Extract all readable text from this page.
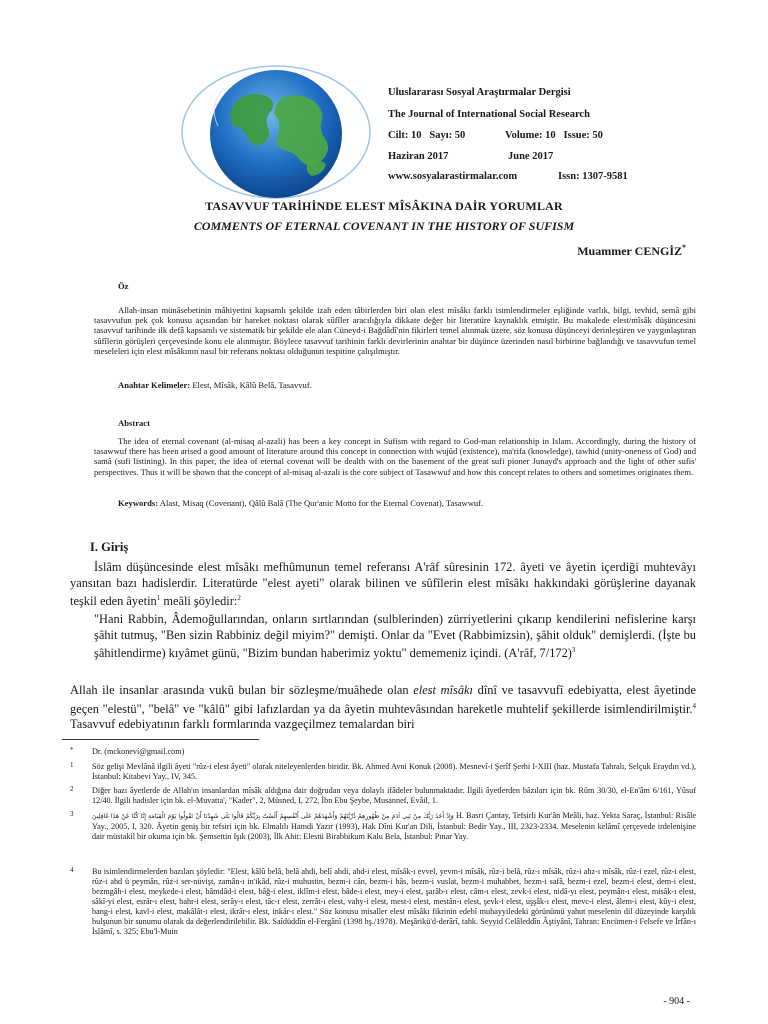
Uluslararası Sosyal Araştırmalar Dergisi
The Journal of International Social Research
Cilt: 10 Sayı: 50	Volume: 10 Issue: 50
Haziran 2017	June 2017
www.sosyalarastirmalar.com	Issn: 1307-9581
TASAVVUF TARİHİNDE ELEST MÎSÂKINA DAİR YORUMLAR
COMMENTS OF ETERNAL COVENANT IN THE HISTORY OF SUFISM
Muammer CENGİZ*
Öz
Allah-insan münâsebetinin mâhiyetini kapsamlı şekilde izah eden tâbirlerden biri olan elest mîsâkı farklı isimlendirmeler eşliğinde varlık, bilgi, tevhid, semâ gibi tasavvufun pek çok konusu açısından bir hareket noktası olarak sûfîler aracılığıyla dikkate değer bir literatüre kaynaklık etmiştir. Bu makalede elest/mîsâk düşüncesini tasavvuf tarihinde ilk defâ kapsamlı ve sistematik bir şekilde ele alan Cüneyd-i Bağdâdî'nin fikirleri temel alınmak üzere, söz konusu düşünceyi derinleştiren ve yaygınlaştıran sûfîlerin görüşleri çerçevesinde konu ele alınmıştır. Böylece tasavvuf tarihinin farklı devirlerinin anahtar bir düşünce üzerinden nasıl birbirine bağlandığı ve tasavvufun temel meseleleri için elest mîsâkının nasıl bir referans noktası olduğunun tespitine çalışılmıştır.
Anahtar Kelimeler: Elest, Mîsâk, Kâlû Belâ, Tasavvuf.
Abstract
The idea of eternal covenant (al-misaq al-azali) has been a key concept in Sufism with regard to God-man relationship in Islam. Accordingly, during the history of tasawwuf there has been arised a good amount of literature around this concept in connection with wujûd (existence), ma'rifa (knowledge), tawhid (unity-oneness of God) and samâ (sufi listining). In this paper, the idea of eternal covenat will be dealth with on the basement of the great sufi pioner Junayd's approach and the light of other sufis' perspectives. Thus it will be shown that the concept of al-misaq al-azali is the core subject of Tasawwuf and how this concept relates to others and sometimes originates them.
Keywords: Alast, Misaq (Covenant), Qâlû Balâ (The Qur'anic Motto for the Eternal Covenat), Tasawwuf.
I. Giriş
İslâm düşüncesinde elest mîsâkı mefhûmunun temel referansı A'râf sûresinin 172. âyeti ve âyetin içerdiği muhtevâyı yansıtan bazı hadislerdir. Literatürde "elest ayeti" olarak bilinen ve sûfîlerin elest mîsâkı hakkındaki görüşlerine dayanak teşkil eden âyetin$^1$ meâli şöyledir:$^2$
"Hani Rabbin, Âdemoğullarından, onların sırtlarından (sulblerinden) zürriyetlerini çıkarıp kendilerini nefislerine karşı şâhit tutmuş, "Ben sizin Rabbiniz değil miyim?" demişti. Onlar da "Evet (Rabbimizsin), şâhit olduk" demişlerdi. (İşte bu şâhitlendirme) kıyâmet günü, "Bizim bundan haberimiz yoktu" dememeniz içindi. (A'râf, 7/172)$^3$
Allah ile insanlar arasında vukû bulan bir sözleşme/muâhede olan elest mîsâkı dînî ve tasavvufî edebiyatta, elest âyetinde geçen "elestü", "belâ" ve "kâlû" gibi lafızlardan ya da âyetin muhtevâsından hareketle muhtelif şekillerde isimlendirilmiştir.$^4$ Tasavvuf edebiyatının farklı formlarında vazgeçilmez temalardan biri
* Dr. (mckoneví@gmail.com)
1 Söz gelişi Mevlânâ ilgili âyeti "rûz-i elest âyeti" olarak niteleyenlerden biridir. Bk. Ahmed Avni Konuk (2008). Mesnevî-i Şerîf Şerhi I-XIII (haz. Mustafa Tahralı, Selçuk Eraydın vd.), İstanbul: Kitabevi Yay., IV, 345.
2 Diğer bazı âyetlerde de Allah'ın insanlardan mîsâk aldığına dair doğrudan veya dolaylı ifâdeler bulunmaktadır. İlgili âyetlerden bâzıları için bk. Rûm 30/30, el-En'âm 6/161, Yûsuf 12/40. İlgili hadisler için bk. el-Muvatta', "Kader", 2, Müsned, I, 272, İbn Ebu Şeybe, Musannef, Evâil, 1.
3	وَإِذْ أَخَذَ رَبُّكَ مِنْ بَنِي آدَمَ مِنْ ظُهُورِهِمْ ذُرِّيَّتَهُمْ وَأَشْهَدَهُمْ عَلَى أَنْفُسِهِمْ أَلَسْتُ بِرَبِّكُمْ قَالُوا بَلَى شَهِدْنَا أَنْ تَقُولُوا يَوْمَ الْقِيَامَةِ إِنَّا كُنَّا عَنْ هَذَا غَافِلِينَ H. Basri Çantay, Tefsirli Kur'ân Meâli, haz. Yekta Saraç, İstanbul: Risâle Yay., 2005, I, 320. Âyetin geniş bir tefsiri için bk. Elmalılı Hamdi Yazır (1993), Hak Dîni Kur'an Dili, İstanbul: Bedir Yay., III, 2323-2334. Meselenin kelâmî çerçevede irdelenişine dair müstakil bir okuma için bk. Şemsettin Işık (2003), İlk Ahit: Elestü Birabbikum Kalu Bela, İstanbul: Pınar Yay.
4 Bu isimlendirmelerden bazıları şöyledir: "Elest, kâlû belâ, belâ ahdi, belî ahdi, ahd-i elest, mîsâk-ı evvel, yevm-i mîsâk, rûz-i belâ, rûz-ı mîsâk, rûz-i ahz-ı mîsâk, rûz-i ezel, rûz-i elest, rûz-i ahd ü peymân, rûz-i ser-nüvişt, zamân-ı in'ikâd, rûz-i muhustin, bezm-i cân, bezm-i hâs, bezm-i vuslat, bezm-i muhabbet, bezm-i safâ, bezm-i ezel, bezm-i elest, dem-i elest, bezmgâh-i elest, meykede-i elest, bâmdâd-i elest, bâğ-i elest, iklîm-i elest, bâde-i elest, mey-i elest, şarâb-ı elest, câm-ı elest, zevk-i elest, nidâ-yı elest, peymân-ı elest, misâk-ı elest, sâkî-yi elest, esrâr-ı elest, bahr-i elest, serây-ı elest, tâc-ı elest, zerrât-ı elest, vahy-i elest, mest-i elest, mestân-ı elest, şevk-i elest, uşşâk-ı elest, mevc-i elest, âlem-i elest, kûy-i elest, bang-i elest, kavl-i elest, makâlât-ı elest, ikrâr-ı elest, inkâr-ı elest." Söz konusu misaller elest mîsâkı fikrinin edebî muhayyiledeki görünümü yahut meselenin dil düzeyinde karşılık bulşunun bir sunumu olarak da değerlendirilebilir. Bk. Saîdüddîn el-Fergânî (1398 hş./1978). Meşârikü'd-derârî, tahk. Seyyid Celâleddîn Âştiyânî, Tahran: Encümen-i Felsefe ve İrfân-ı İslâmî, s. 325; Ebu'l-Muin
- 904 -
